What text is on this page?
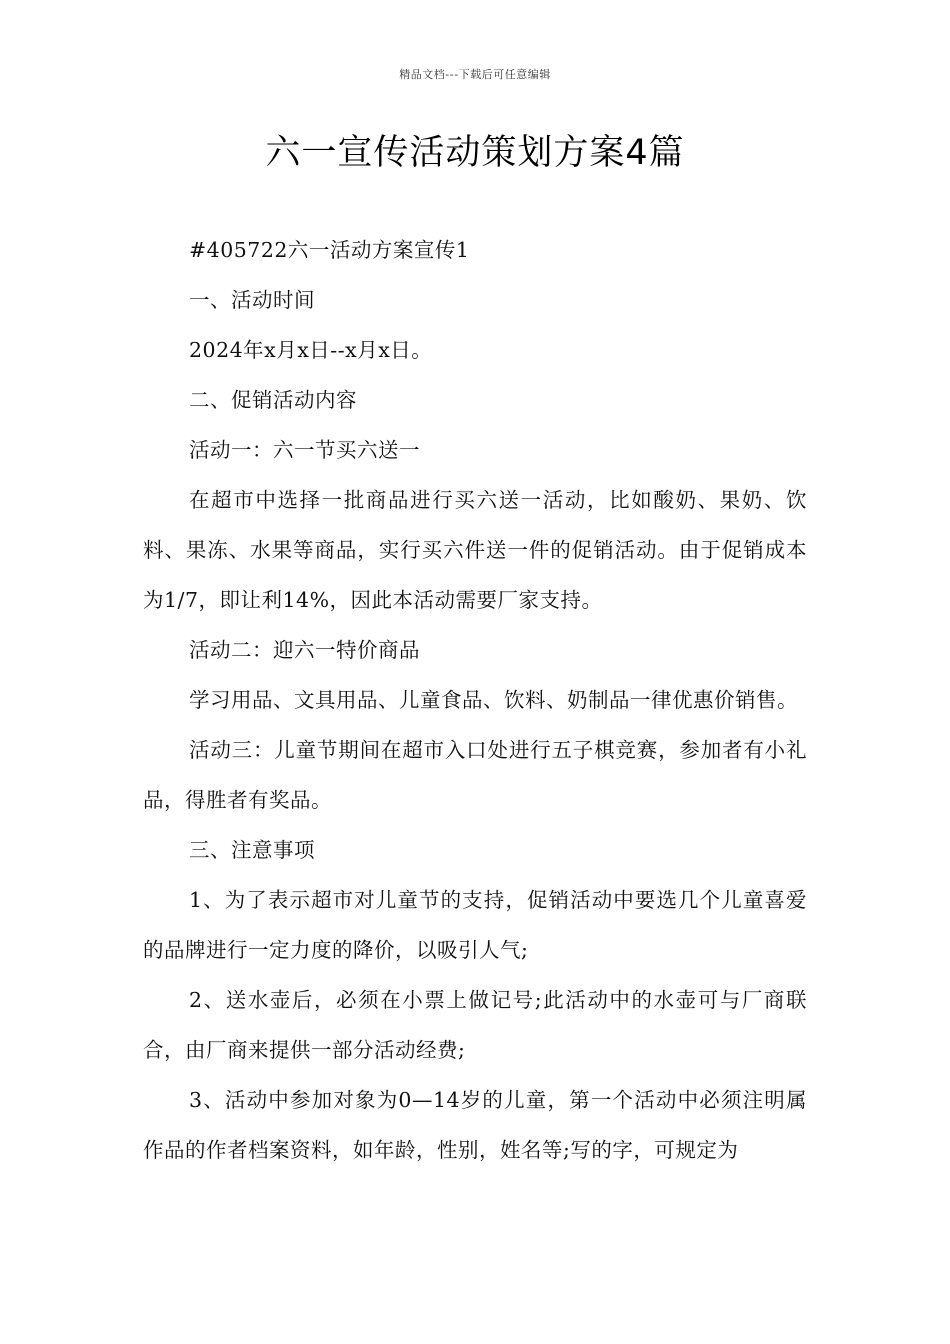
精品文档---下载后可任意编辑
六一宣传活动策划方案4篇

#405722六一活动方案宣传1

一、活动时间

2024年x月x日--x月x日。

二、促销活动内容

活动一：六一节买六送一

在超市中选择一批商品进行买六送一活动，比如酸奶、果奶、饮料、果冻、水果等商品，实行买六件送一件的促销活动。由于促销成本为1/7，即让利14%，因此本活动需要厂家支持。

活动二：迎六一特价商品

学习用品、文具用品、儿童食品、饮料、奶制品一律优惠价销售。

活动三：儿童节期间在超市入口处进行五子棋竞赛，参加者有小礼品，得胜者有奖品。

三、注意事项

1、为了表示超市对儿童节的支持，促销活动中要选几个儿童喜爱的品牌进行一定力度的降价，以吸引人气;

2、送水壶后，必须在小票上做记号;此活动中的水壶可与厂商联合，由厂商来提供一部分活动经费;

3、活动中参加对象为0—14岁的儿童，第一个活动中必须注明属作品的作者档案资料，如年龄，性别，姓名等;写的字，可规定为
